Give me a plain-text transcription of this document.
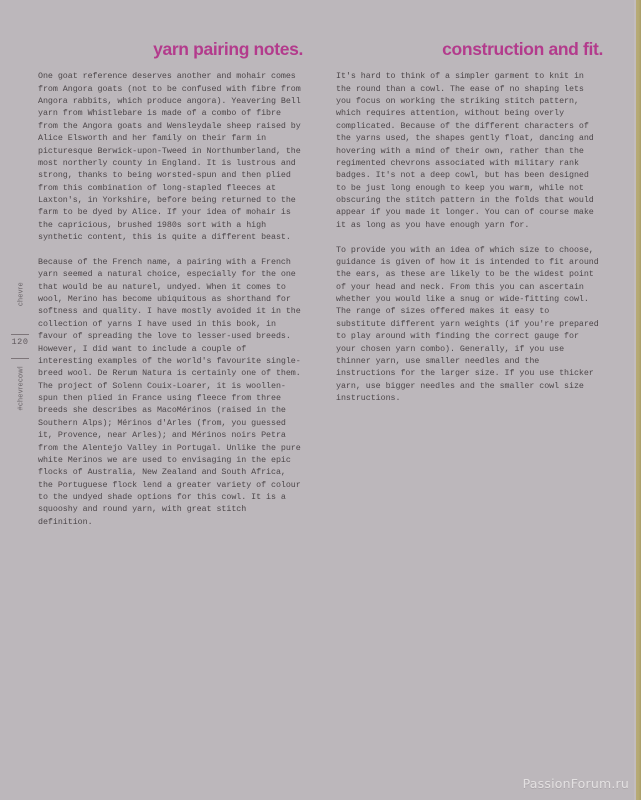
chevre
120
#chevrecowl
yarn pairing notes.

One goat reference deserves another and mohair comes from Angora goats (not to be confused with fibre from Angora rabbits, which produce angora). Yeavering Bell yarn from Whistlebare is made of a combo of fibre from the Angora goats and Wensleydale sheep raised by Alice Elsworth and her family on their farm in picturesque Berwick-upon-Tweed in Northumberland, the most northerly county in England. It is lustrous and strong, thanks to being worsted-spun and then plied from this combination of long-stapled fleeces at Laxton's, in Yorkshire, before being returned to the farm to be dyed by Alice. If your idea of mohair is the capricious, brushed 1980s sort with a high synthetic content, this is quite a different beast.

Because of the French name, a pairing with a French yarn seemed a natural choice, especially for the one that would be au naturel, undyed. When it comes to wool, Merino has become ubiquitous as shorthand for softness and quality. I have mostly avoided it in the collection of yarns I have used in this book, in favour of spreading the love to lesser-used breeds. However, I did want to include a couple of interesting examples of the world's favourite single-breed wool. De Rerum Natura is certainly one of them. The project of Solenn Couix-Loarer, it is woollen-spun then plied in France using fleece from three breeds she describes as MacoMérinos (raised in the Southern Alps); Mérinos d'Arles (from, you guessed it, Provence, near Arles); and Mérinos noirs Petra from the Alentejo Valley in Portugal. Unlike the pure white Merinos we are used to envisaging in the epic flocks of Australia, New Zealand and South Africa, the Portuguese flock lend a greater variety of colour to the undyed shade options for this cowl. It is a squooshy and round yarn, with great stitch definition.

construction and fit.

It's hard to think of a simpler garment to knit in the round than a cowl. The ease of no shaping lets you focus on working the striking stitch pattern, which requires attention, without being overly complicated. Because of the different characters of the yarns used, the shapes gently float, dancing and hovering with a mind of their own, rather than the regimented chevrons associated with military rank badges. It's not a deep cowl, but has been designed to be just long enough to keep you warm, while not obscuring the stitch pattern in the folds that would appear if you made it longer. You can of course make it as long as you have enough yarn for.

To provide you with an idea of which size to choose, guidance is given of how it is intended to fit around the ears, as these are likely to be the widest point of your head and neck. From this you can ascertain whether you would like a snug or wide-fitting cowl. The range of sizes offered makes it easy to substitute different yarn weights (if you're prepared to play around with finding the correct gauge for your chosen yarn combo). Generally, if you use thinner yarn, use smaller needles and the instructions for the larger size. If you use thicker yarn, use bigger needles and the smaller cowl size instructions.

PassionForum.ru
